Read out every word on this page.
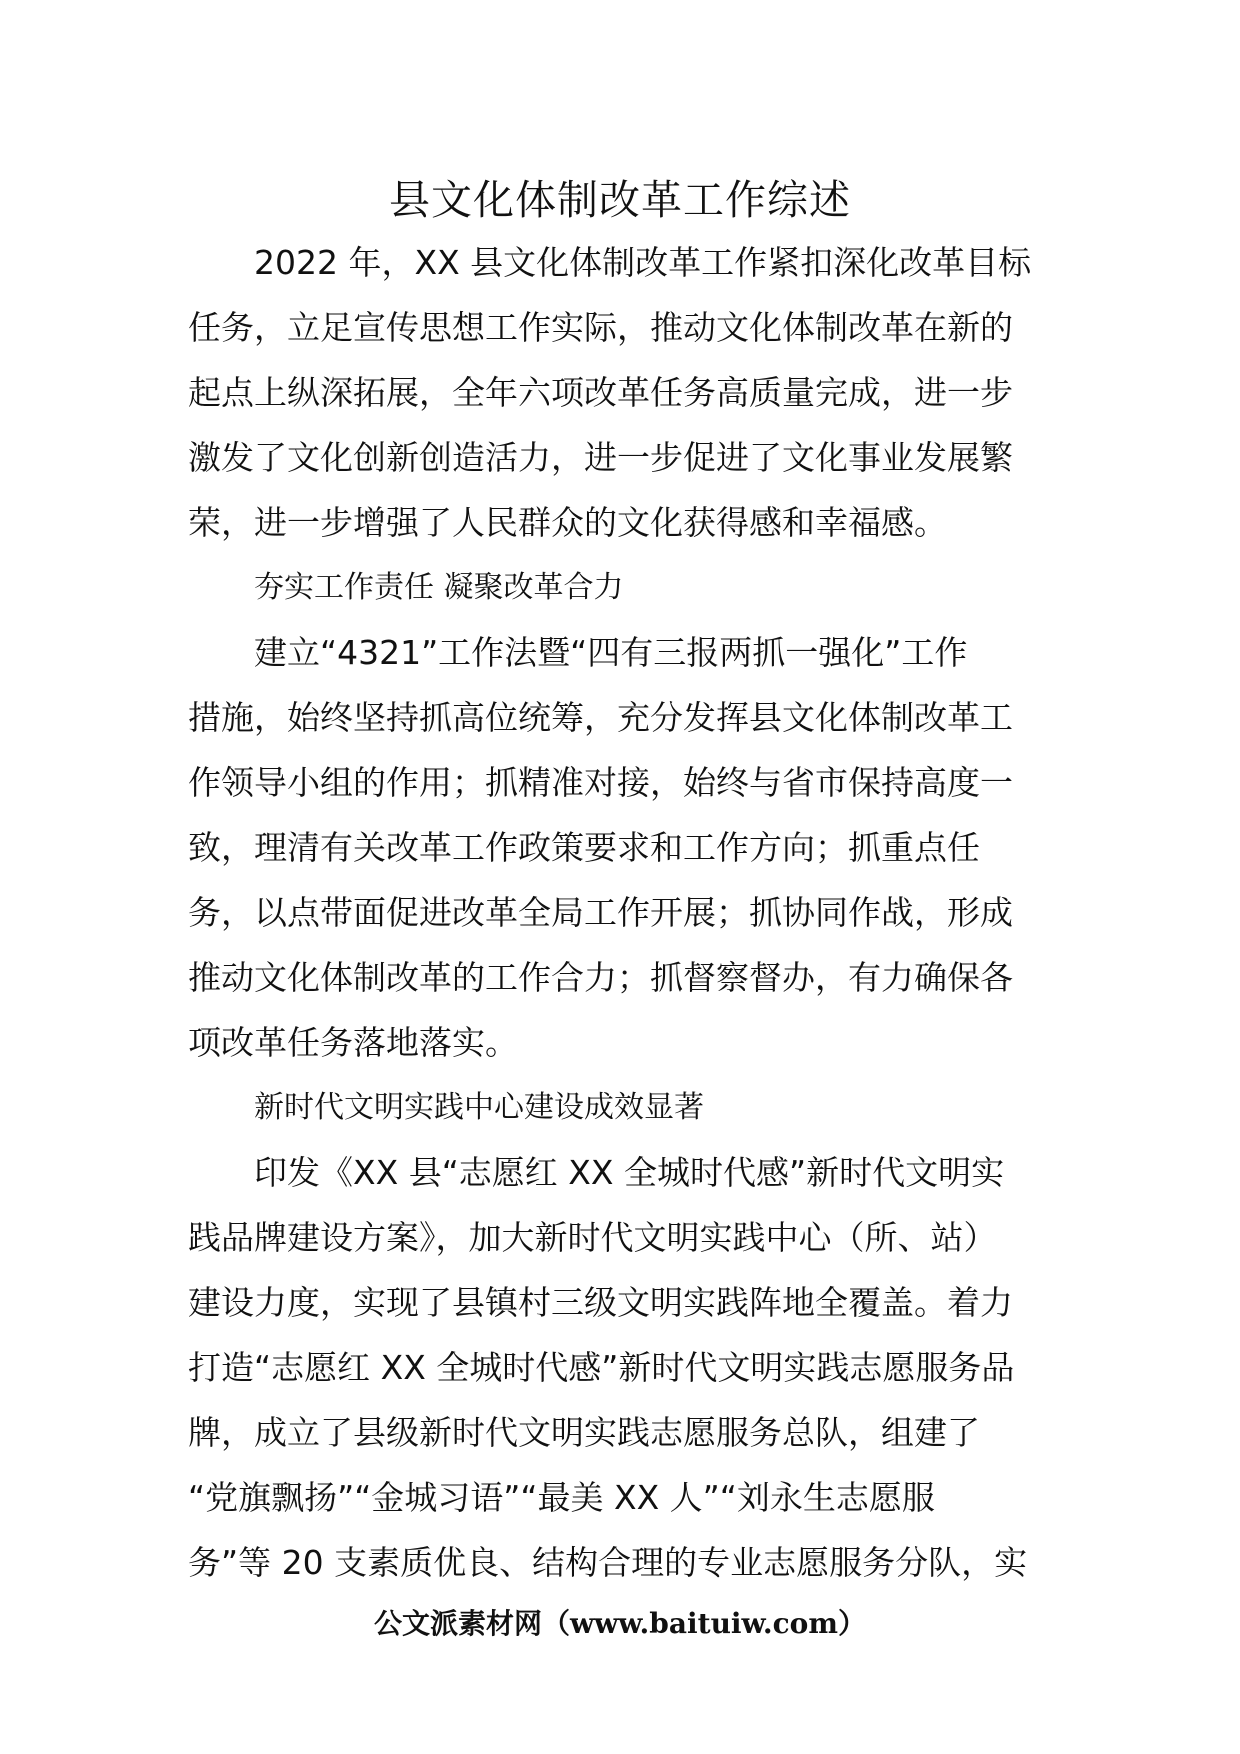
县文化体制改革工作综述
2022 年，XX 县文化体制改革工作紧扣深化改革目标
任务，立足宣传思想工作实际，推动文化体制改革在新的
起点上纵深拓展，全年六项改革任务高质量完成，进一步
激发了文化创新创造活力，进一步促进了文化事业发展繁
荣，进一步增强了人民群众的文化获得感和幸福感。
夯实工作责任 凝聚改革合力
建立“4321”工作法暨“四有三报两抓一强化”工作
措施，始终坚持抓高位统筹，充分发挥县文化体制改革工
作领导小组的作用；抓精准对接，始终与省市保持高度一
致，理清有关改革工作政策要求和工作方向；抓重点任
务，以点带面促进改革全局工作开展；抓协同作战，形成
推动文化体制改革的工作合力；抓督察督办，有力确保各
项改革任务落地落实。
新时代文明实践中心建设成效显著
印发《XX 县“志愿红 XX 全城时代感”新时代文明实
践品牌建设方案》，加大新时代文明实践中心（所、站）
建设力度，实现了县镇村三级文明实践阵地全覆盖。着力
打造“志愿红 XX 全城时代感”新时代文明实践志愿服务品
牌，成立了县级新时代文明实践志愿服务总队，组建了
“党旗飘扬”“金城习语”“最美 XX 人”“刘永生志愿服
务”等 20 支素质优良、结构合理的专业志愿服务分队，实
公文派素材网（www.baituiw.com）
